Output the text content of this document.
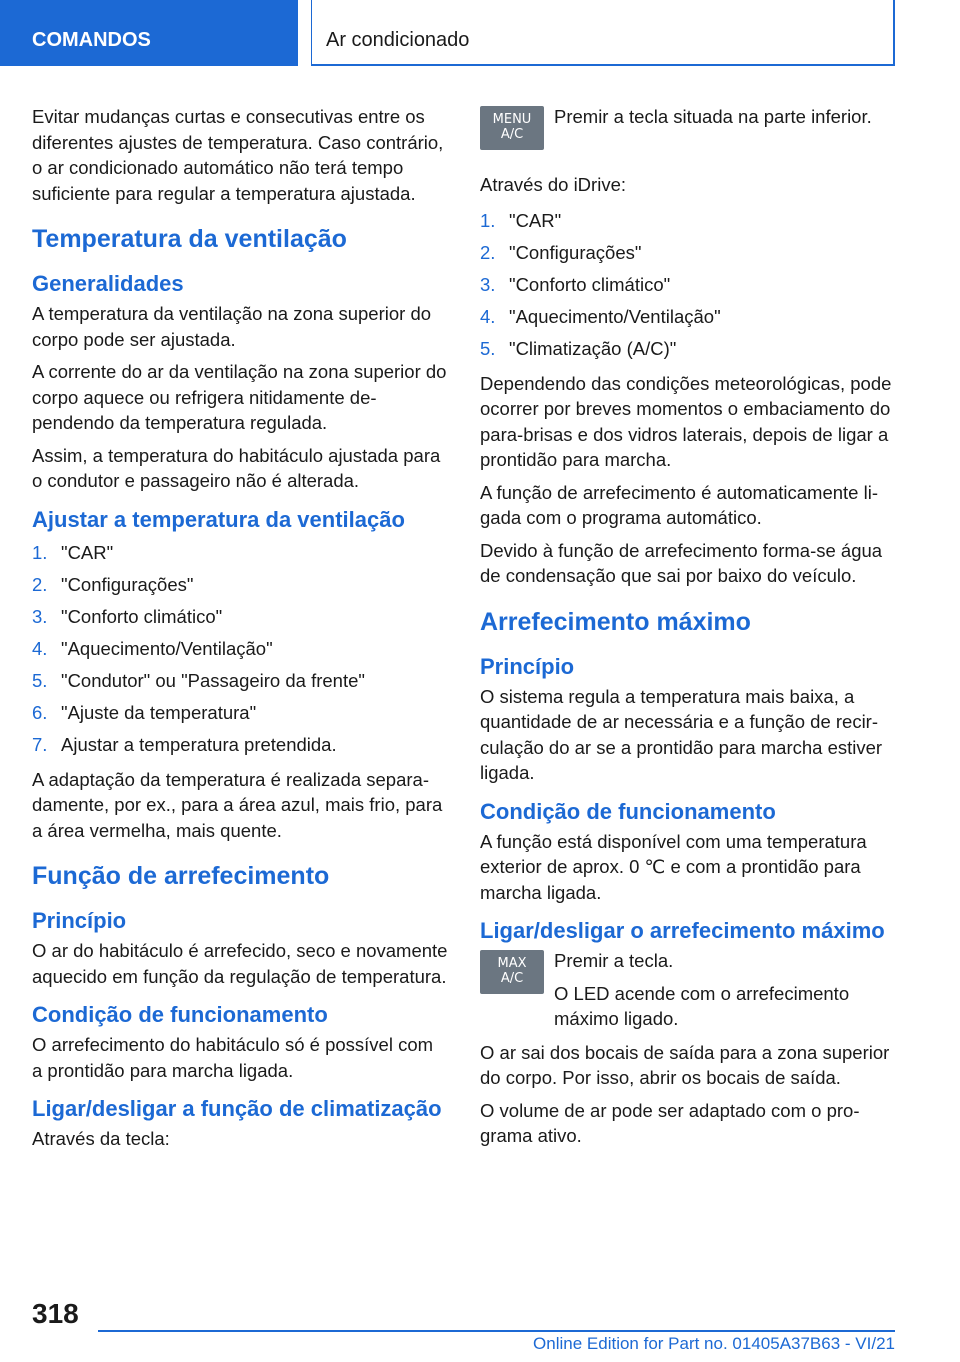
COMANDOS	Ar condicionado

Evitar mudanças curtas e consecutivas entre os diferentes ajustes de temperatura. Caso contrário, o ar condicionado automático não terá tempo suficiente para regular a temperatura ajustada.

Temperatura da ventilação
Generalidades

A temperatura da ventilação na zona superior do corpo pode ser ajustada.

A corrente do ar da ventilação na zona superior do corpo aquece ou refrigera nitidamente dependendo da temperatura regulada.

Assim, a temperatura do habitáculo ajustada para o condutor e passageiro não é alterada.

Ajustar a temperatura da ventilação
1. "CAR"
2. "Configurações"
3. "Conforto climático"
4. "Aquecimento/Ventilação"
5. "Condutor" ou "Passageiro da frente"
6. "Ajuste da temperatura"
7. Ajustar a temperatura pretendida.

A adaptação da temperatura é realizada separadamente, por ex., para a área azul, mais frio, para a área vermelha, mais quente.

Função de arrefecimento
Princípio

O ar do habitáculo é arrefecido, seco e novamente aquecido em função da regulação de temperatura.

Condição de funcionamento

O arrefecimento do habitáculo só é possível com a prontidão para marcha ligada.

Ligar/desligar a função de climatização

Através da tecla:

MENU
A/C
Premir a tecla situada na parte inferior.

Através do iDrive:

1. "CAR"
2. "Configurações"
3. "Conforto climático"
4. "Aquecimento/Ventilação"
5. "Climatização (A/C)"

Dependendo das condições meteorológicas, pode ocorrer por breves momentos o embaciamento do para-brisas e dos vidros laterais, depois de ligar a prontidão para marcha.

A função de arrefecimento é automaticamente ligada com o programa automático.

Devido à função de arrefecimento forma-se água de condensação que sai por baixo do veículo.

Arrefecimento máximo
Princípio

O sistema regula a temperatura mais baixa, a quantidade de ar necessária e a função de recirculação do ar se a prontidão para marcha estiver ligada.

Condição de funcionamento

A função está disponível com uma temperatura exterior de aprox. 0 ℃ e com a prontidão para marcha ligada.

Ligar/desligar o arrefecimento máximo
MAX
A/C
Premir a tecla.
O LED acende com o arrefecimento máximo ligado.

O ar sai dos bocais de saída para a zona superior do corpo. Por isso, abrir os bocais de saída.

O volume de ar pode ser adaptado com o programa ativo.

318
Online Edition for Part no. 01405A37B63 - VI/21
